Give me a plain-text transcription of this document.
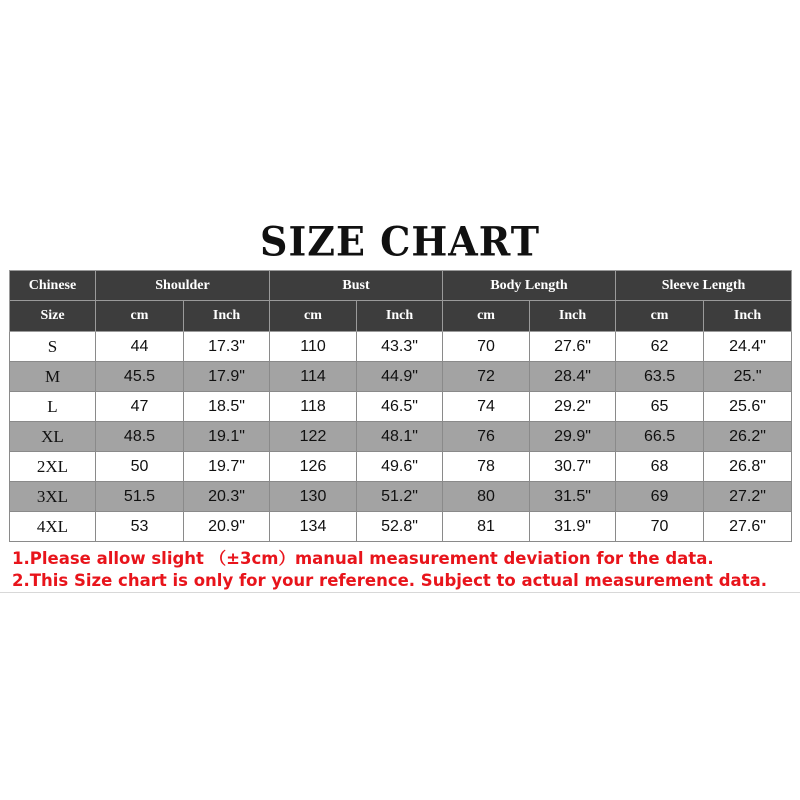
SIZE CHART
Chinese	Shoulder		Bust		Body Length		Sleeve Length	
Size	cm	Inch	cm	Inch	cm	Inch	cm	Inch
S	44	17.3"	110	43.3"	70	27.6"	62	24.4"
M	45.5	17.9"	114	44.9"	72	28.4"	63.5	25."
L	47	18.5"	118	46.5"	74	29.2"	65	25.6"
XL	48.5	19.1"	122	48.1"	76	29.9"	66.5	26.2"
2XL	50	19.7"	126	49.6"	78	30.7"	68	26.8"
3XL	51.5	20.3"	130	51.2"	80	31.5"	69	27.2"
4XL	53	20.9"	134	52.8"	81	31.9"	70	27.6"
1.Please allow slight （±3cm）manual measurement deviation for the data.
2.This Size chart is only for your reference. Subject to actual measurement data.
